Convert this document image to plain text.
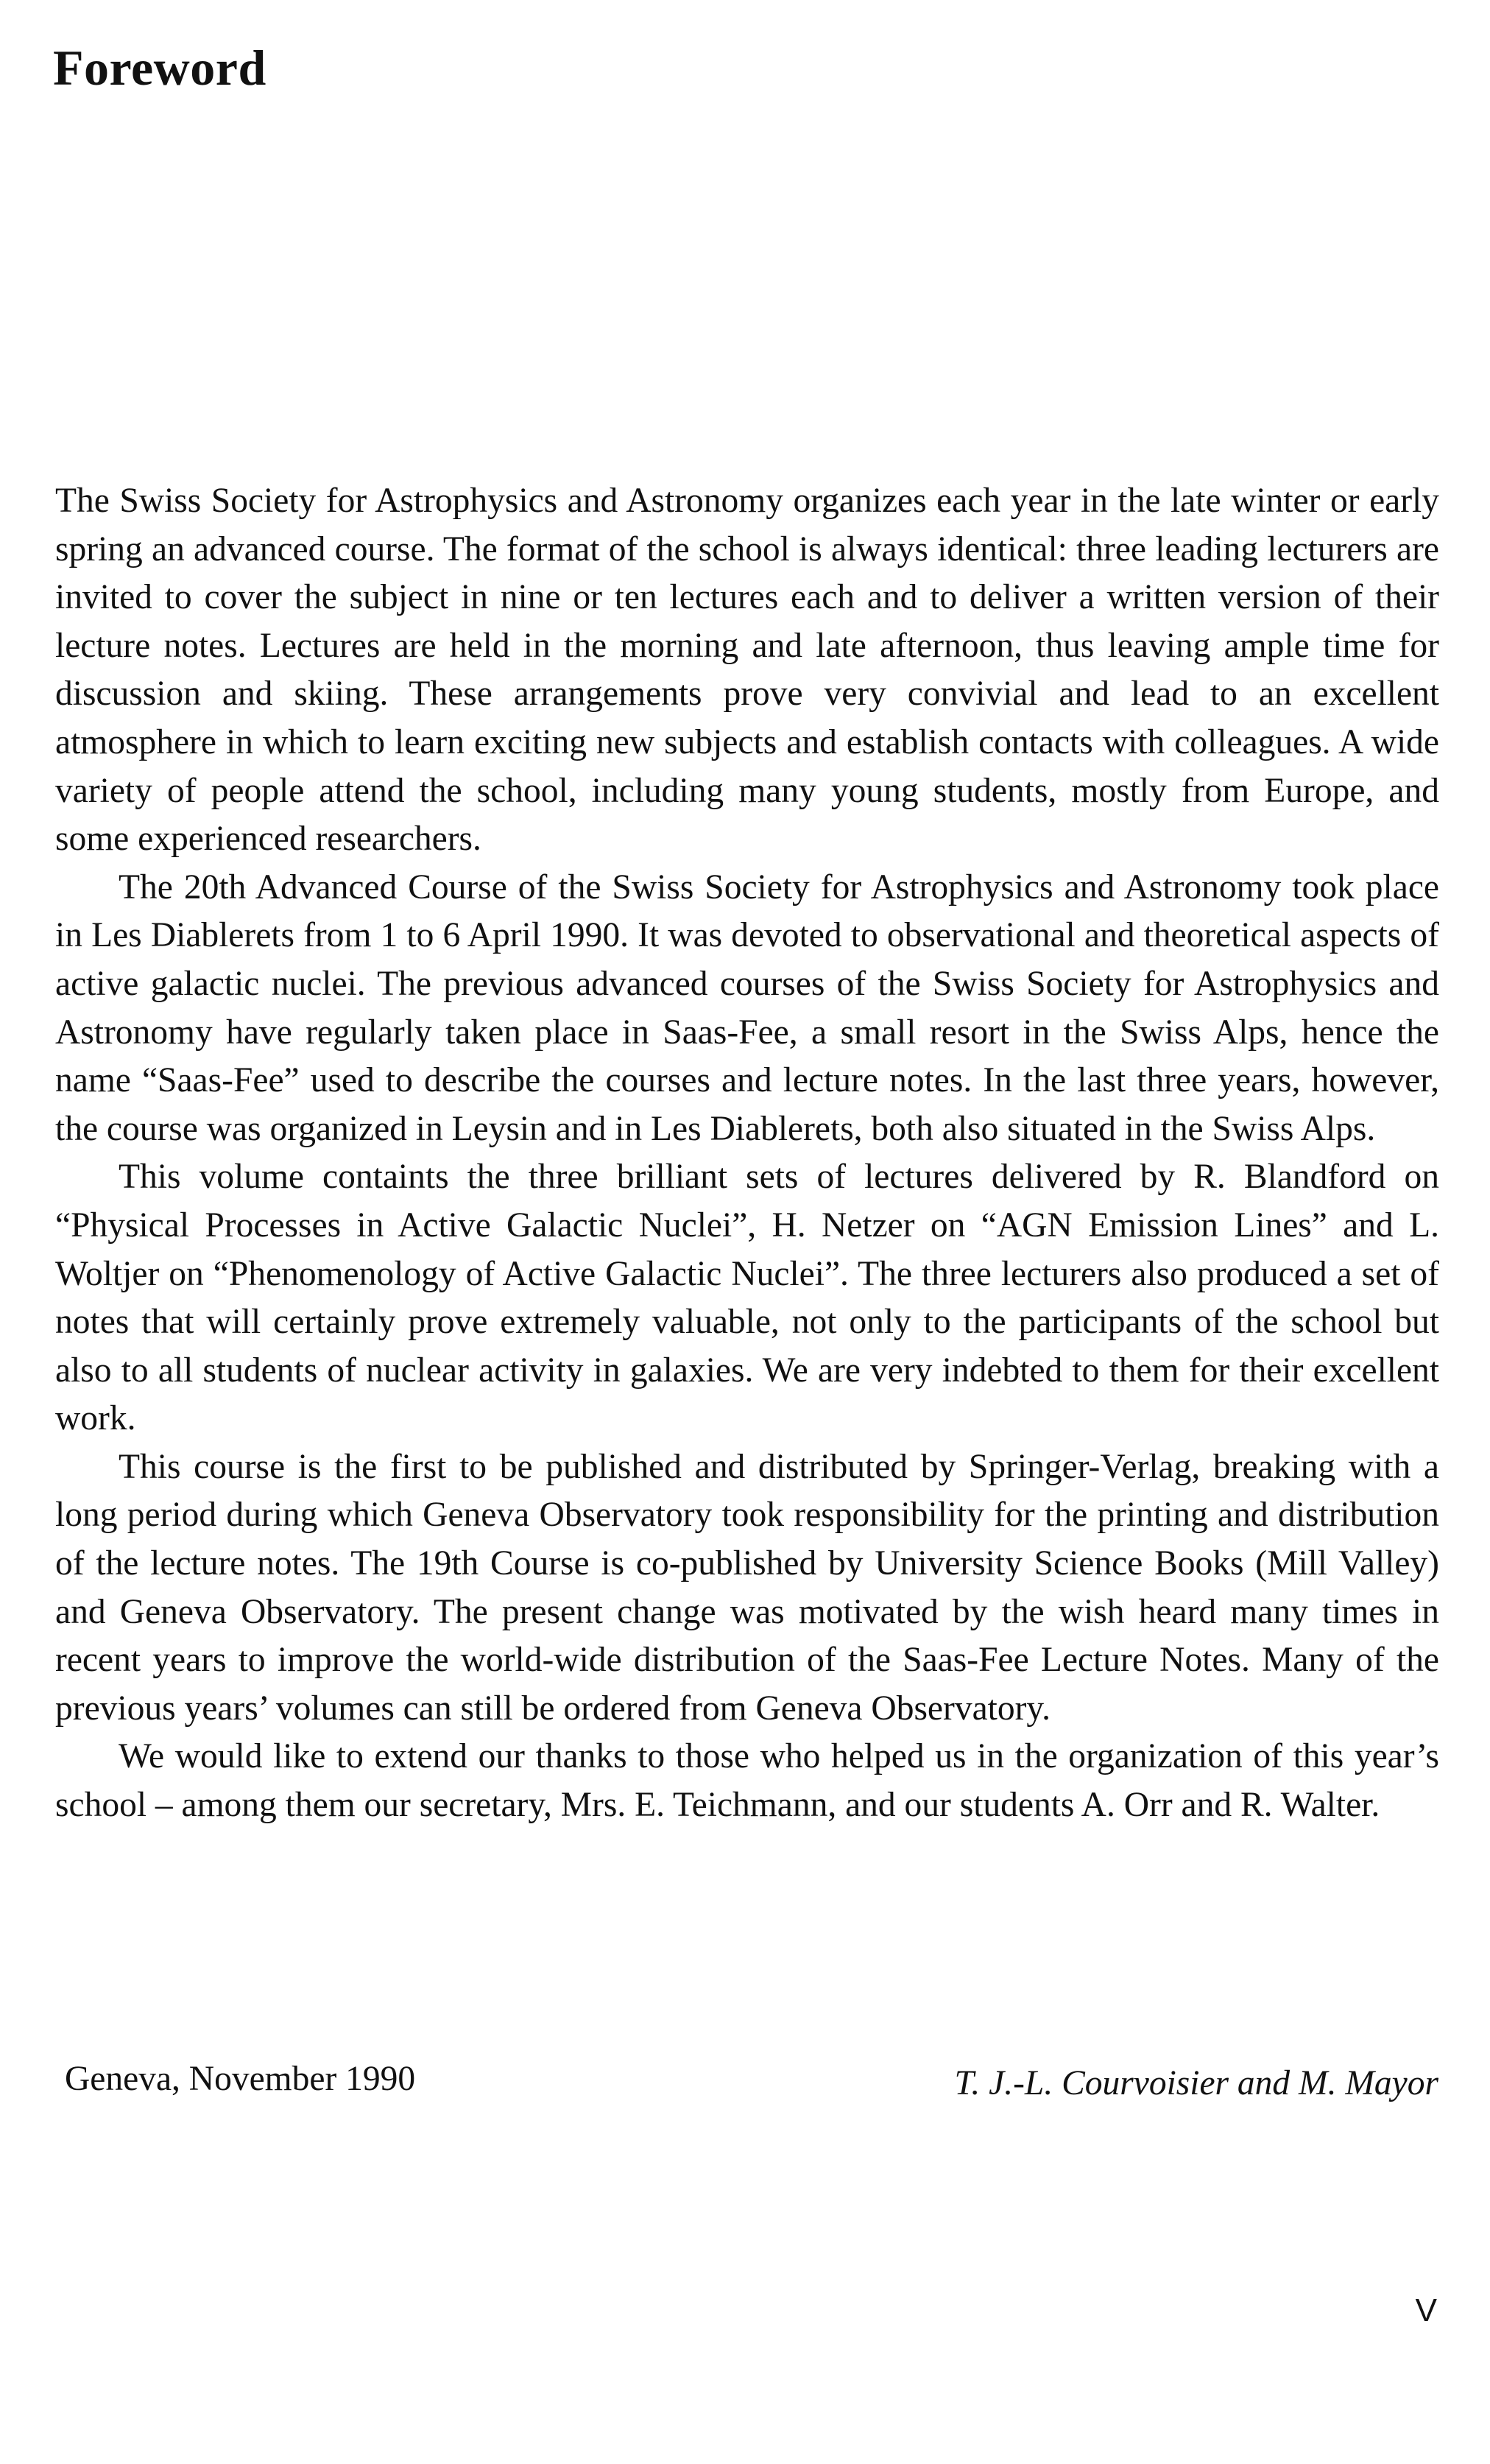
Foreword

The Swiss Society for Astrophysics and Astronomy organizes each year in the late winter or early spring an advanced course. The format of the school is always identical: three leading lecturers are invited to cover the subject in nine or ten lectures each and to deliver a written version of their lecture notes. Lectures are held in the morning and late afternoon, thus leaving ample time for discussion and skiing. These arrangements prove very convivial and lead to an excellent atmosphere in which to learn exciting new subjects and establish contacts with colleagues. A wide variety of people attend the school, including many young students, mostly from Europe, and some experienced researchers.

The 20th Advanced Course of the Swiss Society for Astrophysics and Astronomy took place in Les Diablerets from 1 to 6 April 1990. It was devoted to observational and theoretical aspects of active galactic nuclei. The previous advanced courses of the Swiss Society for Astrophysics and Astronomy have regularly taken place in Saas-Fee, a small resort in the Swiss Alps, hence the name “Saas-Fee” used to describe the courses and lecture notes. In the last three years, however, the course was organized in Leysin and in Les Diablerets, both also situated in the Swiss Alps.

This volume containts the three brilliant sets of lectures delivered by R. Blandford on “Physical Processes in Active Galactic Nuclei”, H. Netzer on “AGN Emission Lines” and L. Woltjer on “Phenomenology of Active Galactic Nuclei”. The three lecturers also produced a set of notes that will certainly prove extremely valuable, not only to the participants of the school but also to all students of nuclear activity in galaxies. We are very indebted to them for their excellent work.

This course is the first to be published and distributed by Springer-Verlag, breaking with a long period during which Geneva Observatory took responsibility for the printing and distribution of the lecture notes. The 19th Course is co-published by University Science Books (Mill Valley) and Geneva Observatory. The present change was motivated by the wish heard many times in recent years to improve the world-wide distribution of the Saas-Fee Lecture Notes. Many of the previous years’ volumes can still be ordered from Geneva Observatory.

We would like to extend our thanks to those who helped us in the organization of this year’s school – among them our secretary, Mrs. E. Teichmann, and our students A. Orr and R. Walter.

Geneva, November 1990	T. J.-L. Courvoisier and M. Mayor

V
